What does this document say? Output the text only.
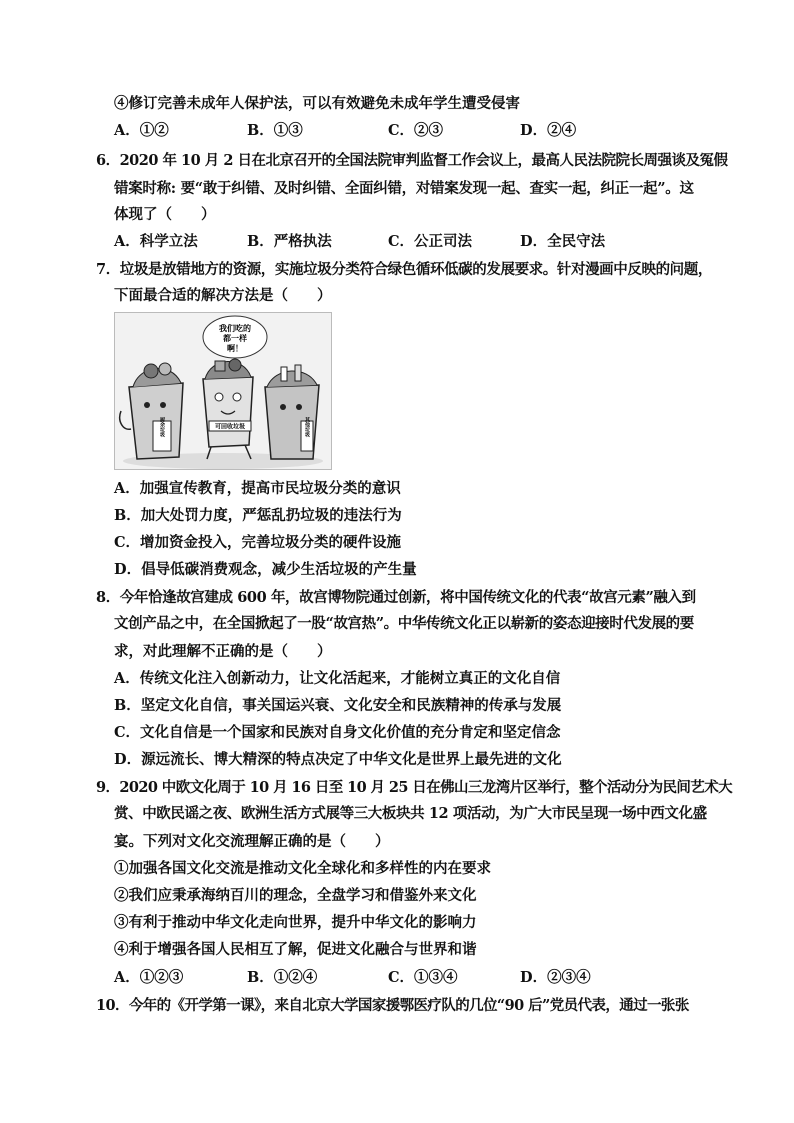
④修订完善未成年人保护法，可以有效避免未成年学生遭受侵害
A．①②	B．①③	C．②③	D．②④
6．2020 年 10 月 2 日在北京召开的全国法院审判监督工作会议上，最高人民法院院长周强谈及冤假
错案时称: 要“敢于纠错、及时纠错、全面纠错，对错案发现一起、查实一起，纠正一起”。这
体现了（　　）
A．科学立法	B．严格执法	C．公正司法	D．全民守法
7．垃圾是放错地方的资源，实施垃圾分类符合绿色循环低碳的发展要求。针对漫画中反映的问题，
下面最合适的解决方法是（　　）
我们吃的
都一样
啊！
厨余垃圾	可回收垃圾	其他垃圾
A．加强宣传教育，提高市民垃圾分类的意识
B．加大处罚力度，严惩乱扔垃圾的违法行为
C．增加资金投入，完善垃圾分类的硬件设施
D．倡导低碳消费观念，减少生活垃圾的产生量
8．今年恰逢故宫建成 600 年，故宫博物院通过创新，将中国传统文化的代表“故宫元素”融入到
文创产品之中，在全国掀起了一股“故宫热”。中华传统文化正以崭新的姿态迎接时代发展的要
求，对此理解不正确的是（　　）
A．传统文化注入创新动力，让文化活起来，才能树立真正的文化自信
B．坚定文化自信，事关国运兴衰、文化安全和民族精神的传承与发展
C．文化自信是一个国家和民族对自身文化价值的充分肯定和坚定信念
D．源远流长、博大精深的特点决定了中华文化是世界上最先进的文化
9．2020 中欧文化周于 10 月 16 日至 10 月 25 日在佛山三龙湾片区举行，整个活动分为民间艺术大
赏、中欧民谣之夜、欧洲生活方式展等三大板块共 12 项活动，为广大市民呈现一场中西文化盛
宴。下列对文化交流理解正确的是（　　）
①加强各国文化交流是推动文化全球化和多样性的内在要求
②我们应秉承海纳百川的理念，全盘学习和借鉴外来文化
③有利于推动中华文化走向世界，提升中华文化的影响力
④利于增强各国人民相互了解，促进文化融合与世界和谐
A．①②③	B．①②④	C．①③④	D．②③④
10．今年的《开学第一课》，来自北京大学国家援鄂医疗队的几位“90 后”党员代表，通过一张张
